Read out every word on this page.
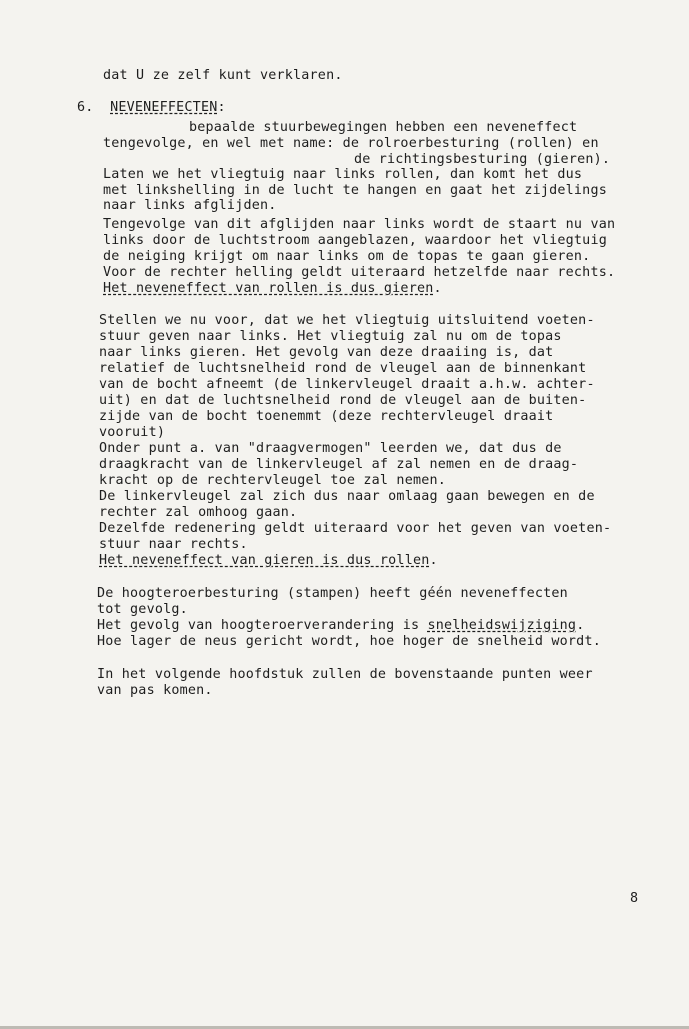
dat U ze zelf kunt verklaren.
6. NEVENEFFECTEN:
bepaalde stuurbewegingen hebben een neveneffect
tengevolge, en wel met name: de rolroerbesturing (rollen) en
de richtingsbesturing (gieren).
Laten we het vliegtuig naar links rollen, dan komt het dus
met linkshelling in de lucht te hangen en gaat het zijdelings
naar links afglijden.
Tengevolge van dit afglijden naar links wordt de staart nu van
links door de luchtstroom aangeblazen, waardoor het vliegtuig
de neiging krijgt om naar links om de topas te gaan gieren.
Voor de rechter helling geldt uiteraard hetzelfde naar rechts.
Het neveneffect van rollen is dus gieren.
Stellen we nu voor, dat we het vliegtuig uitsluitend voeten-
stuur geven naar links. Het vliegtuig zal nu om de topas
naar links gieren. Het gevolg van deze draaiing is, dat
relatief de luchtsnelheid rond de vleugel aan de binnenkant
van de bocht afneemt (de linkervleugel draait a.h.w. achter-
uit) en dat de luchtsnelheid rond de vleugel aan de buiten-
zijde van de bocht toenemmt (deze rechtervleugel draait
vooruit)
Onder punt a. van "draagvermogen" leerden we, dat dus de
draagkracht van de linkervleugel af zal nemen en de draag-
kracht op de rechtervleugel toe zal nemen.
De linkervleugel zal zich dus naar omlaag gaan bewegen en de
rechter zal omhoog gaan.
Dezelfde redenering geldt uiteraard voor het geven van voeten-
stuur naar rechts.
Het neveneffect van gieren is dus rollen.
De hoogteroerbesturing (stampen) heeft géén neveneffecten
tot gevolg.
Het gevolg van hoogteroerverandering is snelheidswijziging.
Hoe lager de neus gericht wordt, hoe hoger de snelheid wordt.
In het volgende hoofdstuk zullen de bovenstaande punten weer
van pas komen.
8
